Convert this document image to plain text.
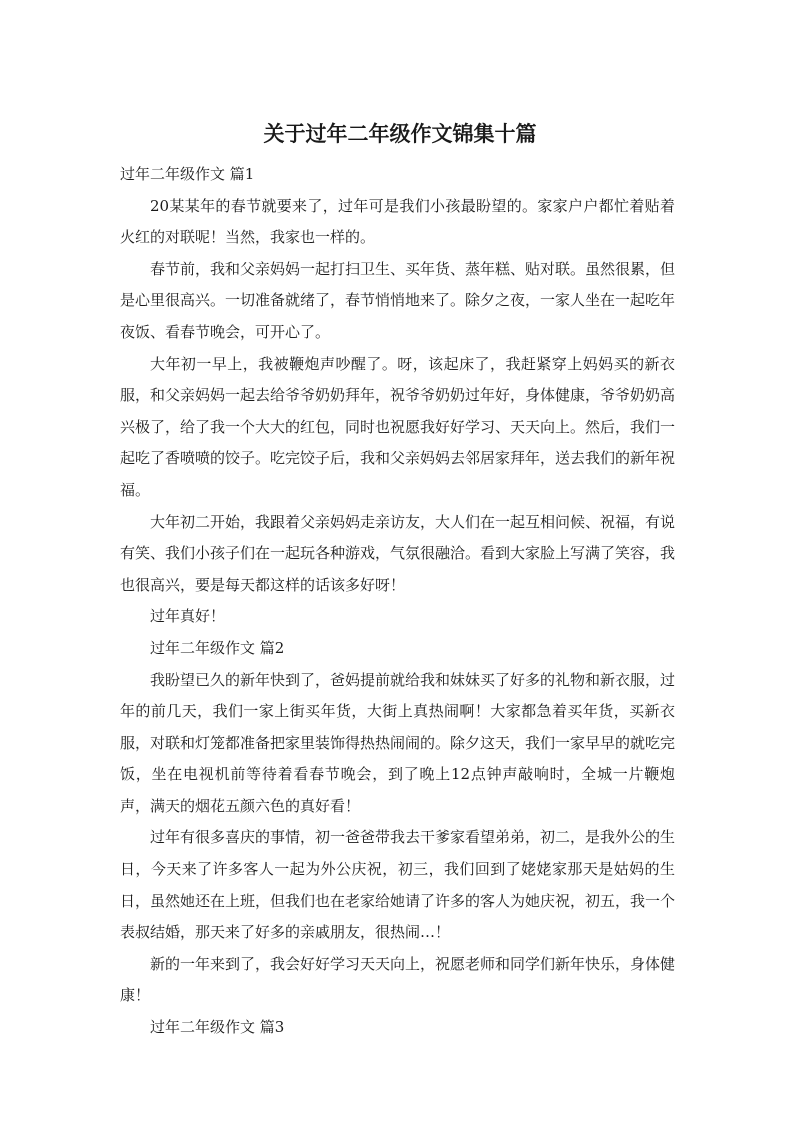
关于过年二年级作文锦集十篇

过年二年级作文 篇1

20某某年的春节就要来了，过年可是我们小孩最盼望的。家家户户都忙着贴着火红的对联呢！当然，我家也一样的。

春节前，我和父亲妈妈一起打扫卫生、买年货、蒸年糕、贴对联。虽然很累，但是心里很高兴。一切准备就绪了，春节悄悄地来了。除夕之夜，一家人坐在一起吃年夜饭、看春节晚会，可开心了。

大年初一早上，我被鞭炮声吵醒了。呀，该起床了，我赶紧穿上妈妈买的新衣服，和父亲妈妈一起去给爷爷奶奶拜年，祝爷爷奶奶过年好，身体健康，爷爷奶奶高兴极了，给了我一个大大的红包，同时也祝愿我好好学习、天天向上。然后，我们一起吃了香喷喷的饺子。吃完饺子后，我和父亲妈妈去邻居家拜年，送去我们的新年祝福。

大年初二开始，我跟着父亲妈妈走亲访友，大人们在一起互相问候、祝福，有说有笑、我们小孩子们在一起玩各种游戏，气氛很融洽。看到大家脸上写满了笑容，我也很高兴，要是每天都这样的话该多好呀！

过年真好！

过年二年级作文 篇2

我盼望已久的新年快到了，爸妈提前就给我和妹妹买了好多的礼物和新衣服，过年的前几天，我们一家上街买年货，大街上真热闹啊！大家都急着买年货，买新衣服，对联和灯笼都准备把家里装饰得热热闹闹的。除夕这天，我们一家早早的就吃完饭，坐在电视机前等待着看春节晚会，到了晚上12点钟声敲响时，全城一片鞭炮声，满天的烟花五颜六色的真好看！

过年有很多喜庆的事情，初一爸爸带我去干爹家看望弟弟，初二，是我外公的生日，今天来了许多客人一起为外公庆祝，初三，我们回到了姥姥家那天是姑妈的生日，虽然她还在上班，但我们也在老家给她请了许多的客人为她庆祝，初五，我一个表叔结婚，那天来了好多的亲戚朋友，很热闹…！

新的一年来到了，我会好好学习天天向上，祝愿老师和同学们新年快乐，身体健康！

过年二年级作文 篇3
